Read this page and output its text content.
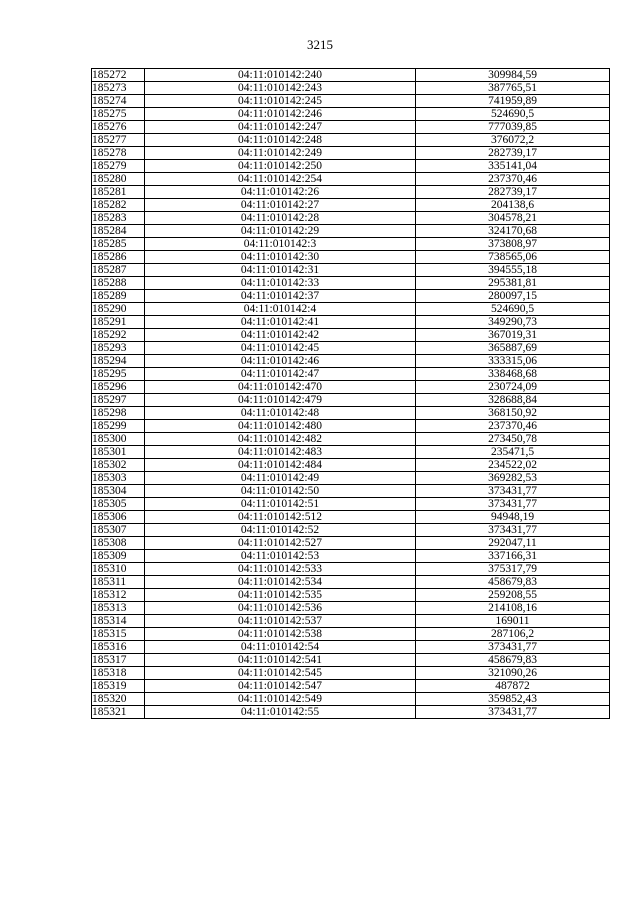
3215
185272	04:11:010142:240	309984,59
185273	04:11:010142:243	387765,51
185274	04:11:010142:245	741959,89
185275	04:11:010142:246	524690,5
185276	04:11:010142:247	777039,85
185277	04:11:010142:248	376072,2
185278	04:11:010142:249	282739,17
185279	04:11:010142:250	335141,04
185280	04:11:010142:254	237370,46
185281	04:11:010142:26	282739,17
185282	04:11:010142:27	204138,6
185283	04:11:010142:28	304578,21
185284	04:11:010142:29	324170,68
185285	04:11:010142:3	373808,97
185286	04:11:010142:30	738565,06
185287	04:11:010142:31	394555,18
185288	04:11:010142:33	295381,81
185289	04:11:010142:37	280097,15
185290	04:11:010142:4	524690,5
185291	04:11:010142:41	349290,73
185292	04:11:010142:42	367019,31
185293	04:11:010142:45	365887,69
185294	04:11:010142:46	333315,06
185295	04:11:010142:47	338468,68
185296	04:11:010142:470	230724,09
185297	04:11:010142:479	328688,84
185298	04:11:010142:48	368150,92
185299	04:11:010142:480	237370,46
185300	04:11:010142:482	273450,78
185301	04:11:010142:483	235471,5
185302	04:11:010142:484	234522,02
185303	04:11:010142:49	369282,53
185304	04:11:010142:50	373431,77
185305	04:11:010142:51	373431,77
185306	04:11:010142:512	94948,19
185307	04:11:010142:52	373431,77
185308	04:11:010142:527	292047,11
185309	04:11:010142:53	337166,31
185310	04:11:010142:533	375317,79
185311	04:11:010142:534	458679,83
185312	04:11:010142:535	259208,55
185313	04:11:010142:536	214108,16
185314	04:11:010142:537	169011
185315	04:11:010142:538	287106,2
185316	04:11:010142:54	373431,77
185317	04:11:010142:541	458679,83
185318	04:11:010142:545	321090,26
185319	04:11:010142:547	487872
185320	04:11:010142:549	359852,43
185321	04:11:010142:55	373431,77
